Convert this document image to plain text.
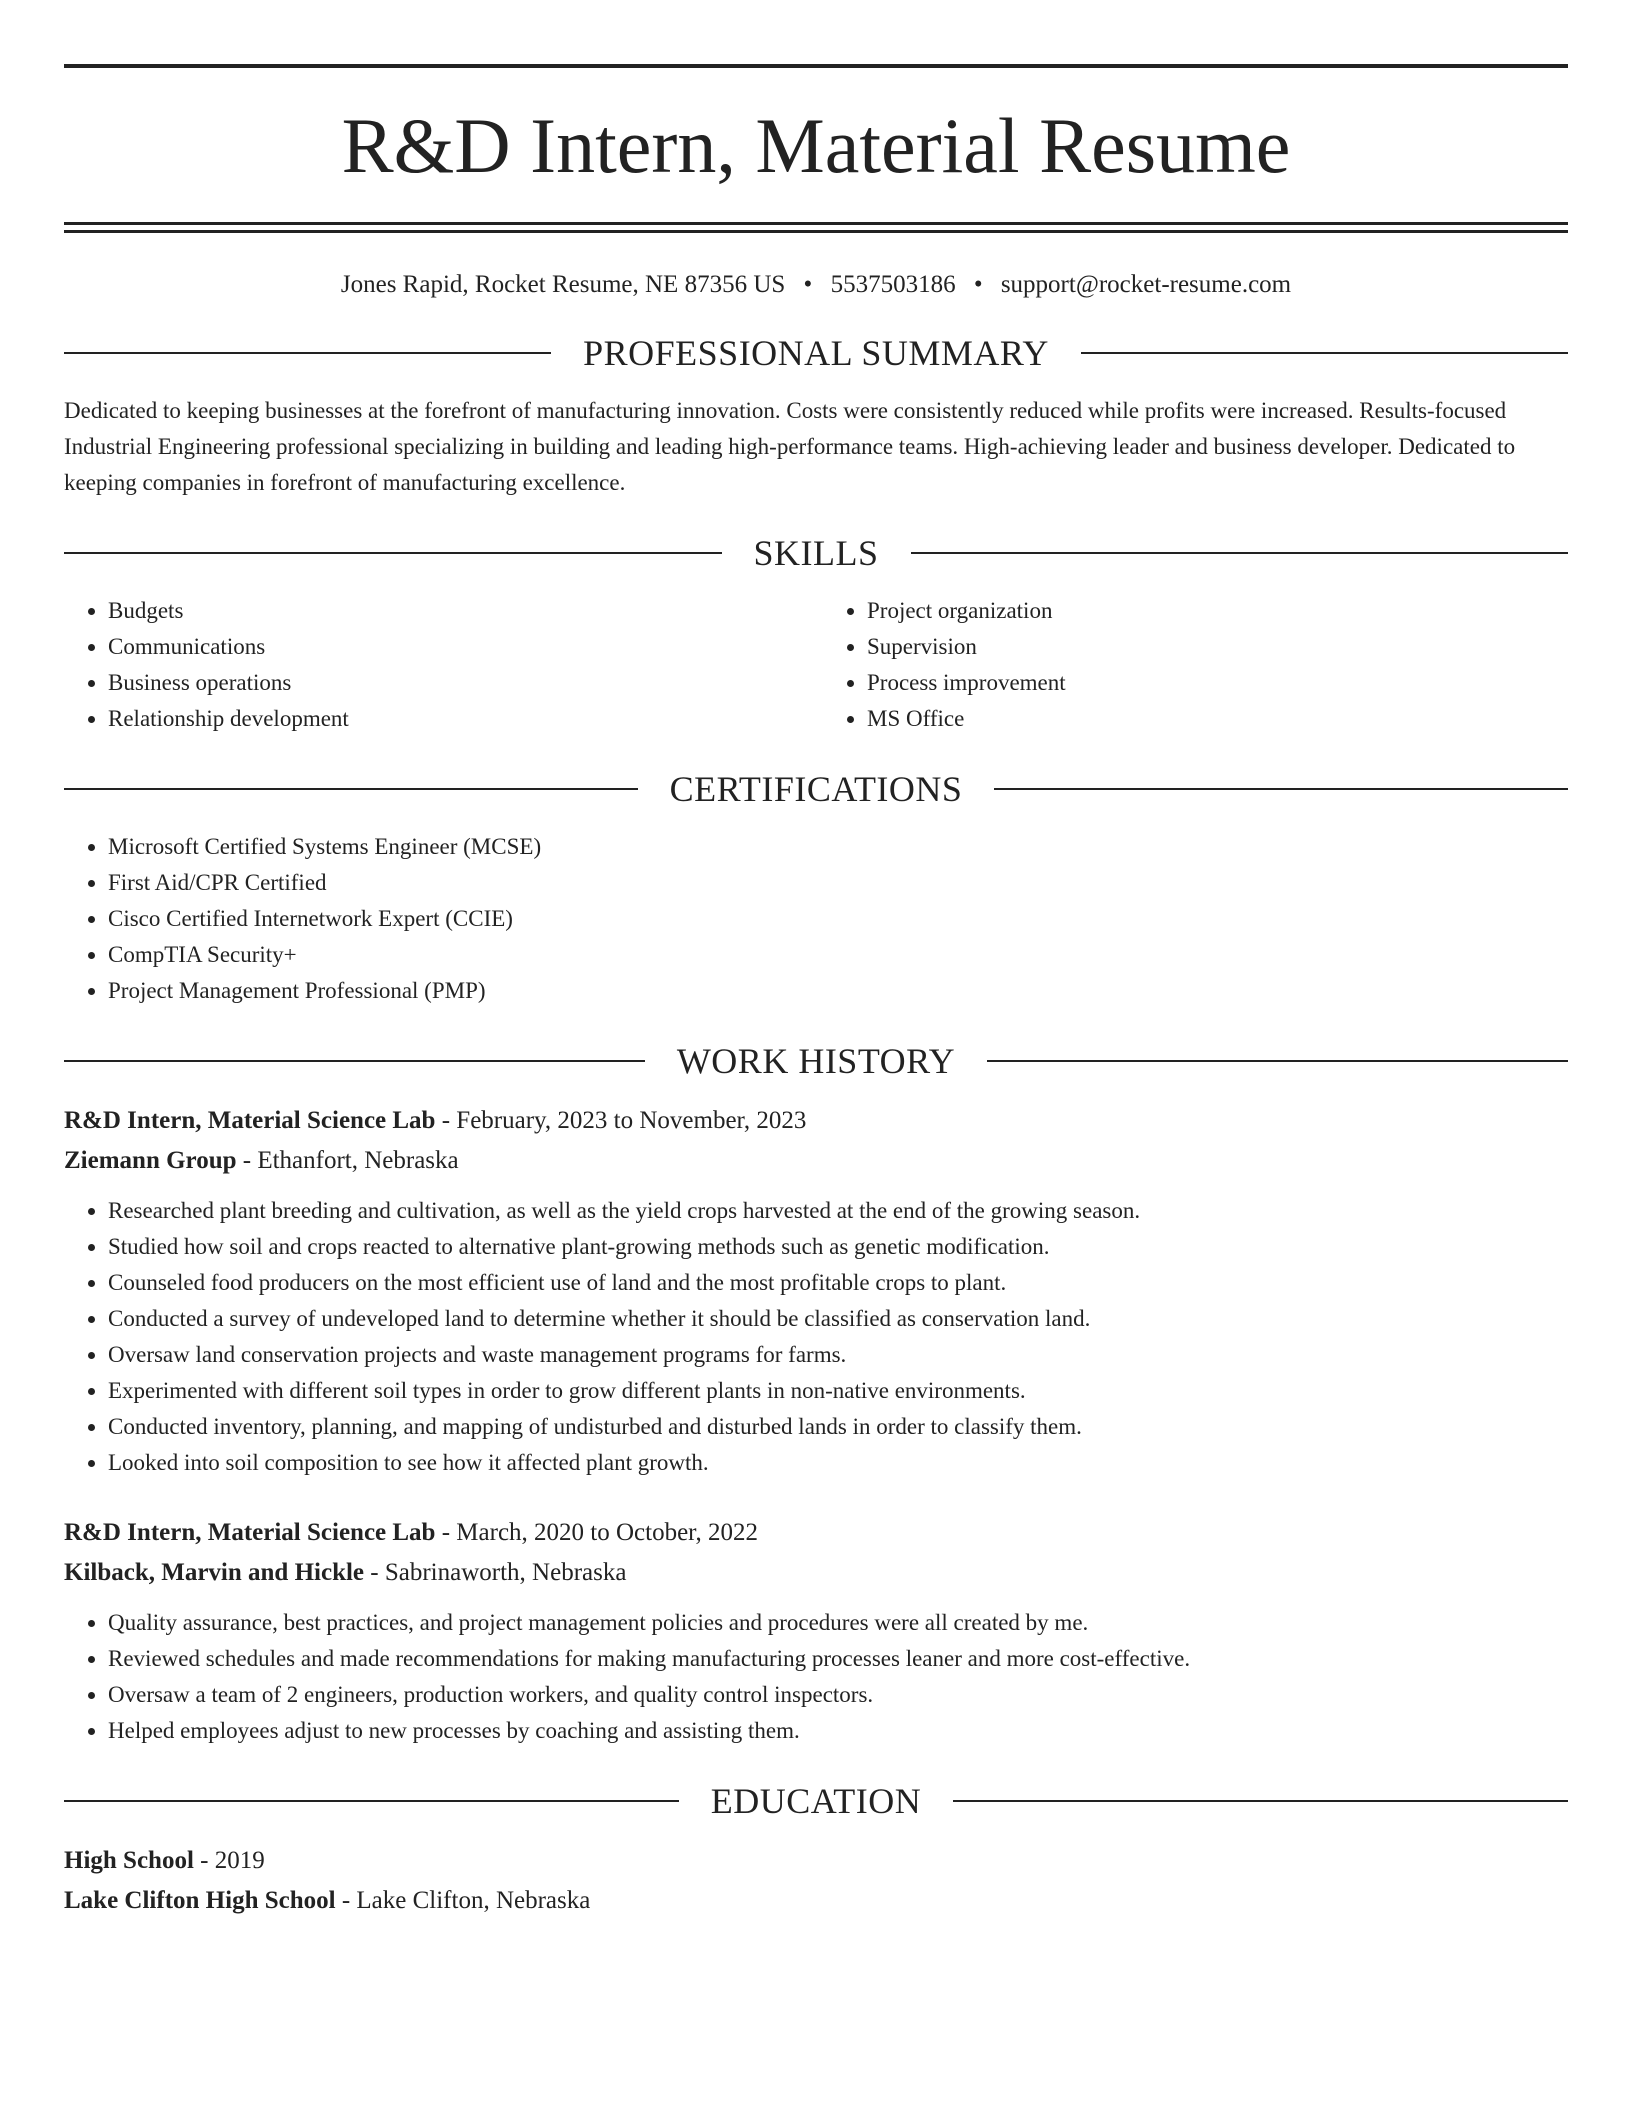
R&D Intern, Material Resume
Jones Rapid, Rocket Resume, NE 87356 US • 5537503186 • support@rocket-resume.com
PROFESSIONAL SUMMARY
Dedicated to keeping businesses at the forefront of manufacturing innovation. Costs were consistently reduced while profits were increased. Results-focused Industrial Engineering professional specializing in building and leading high-performance teams. High-achieving leader and business developer. Dedicated to keeping companies in forefront of manufacturing excellence.
SKILLS
• Budgets
• Communications
• Business operations
• Relationship development
• Project organization
• Supervision
• Process improvement
• MS Office
CERTIFICATIONS
• Microsoft Certified Systems Engineer (MCSE)
• First Aid/CPR Certified
• Cisco Certified Internetwork Expert (CCIE)
• CompTIA Security+
• Project Management Professional (PMP)
WORK HISTORY
R&D Intern, Material Science Lab - February, 2023 to November, 2023
Ziemann Group - Ethanfort, Nebraska
• Researched plant breeding and cultivation, as well as the yield crops harvested at the end of the growing season.
• Studied how soil and crops reacted to alternative plant-growing methods such as genetic modification.
• Counseled food producers on the most efficient use of land and the most profitable crops to plant.
• Conducted a survey of undeveloped land to determine whether it should be classified as conservation land.
• Oversaw land conservation projects and waste management programs for farms.
• Experimented with different soil types in order to grow different plants in non-native environments.
• Conducted inventory, planning, and mapping of undisturbed and disturbed lands in order to classify them.
• Looked into soil composition to see how it affected plant growth.
R&D Intern, Material Science Lab - March, 2020 to October, 2022
Kilback, Marvin and Hickle - Sabrinaworth, Nebraska
• Quality assurance, best practices, and project management policies and procedures were all created by me.
• Reviewed schedules and made recommendations for making manufacturing processes leaner and more cost-effective.
• Oversaw a team of 2 engineers, production workers, and quality control inspectors.
• Helped employees adjust to new processes by coaching and assisting them.
EDUCATION
High School - 2019
Lake Clifton High School - Lake Clifton, Nebraska
